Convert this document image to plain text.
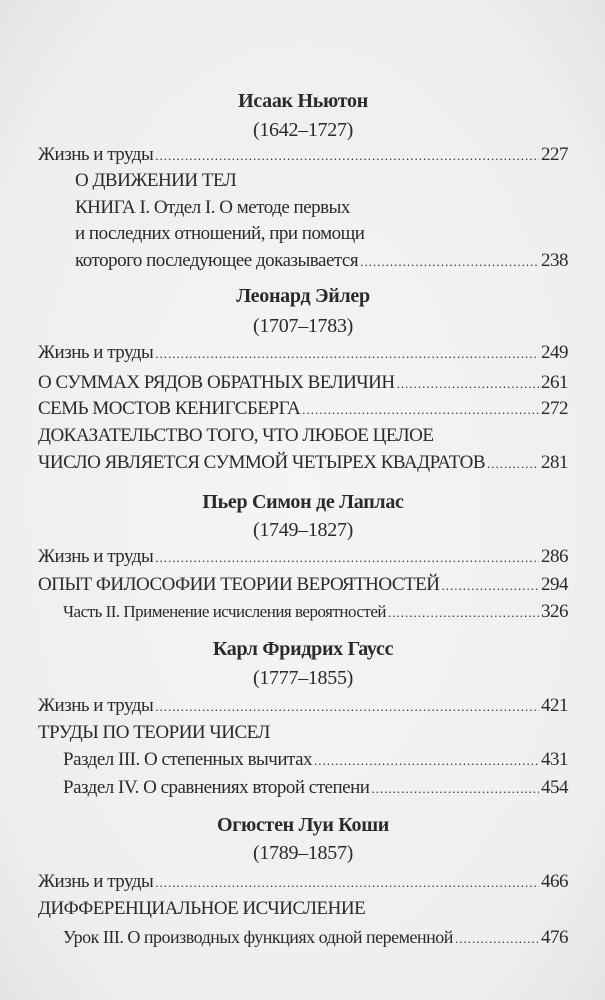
Исаак Ньютон
(1642–1727)
Жизнь и труды .....	227
О ДВИЖЕНИИ ТЕЛ
КНИГА I. Отдел I. О методе первых
и последних отношений, при помощи
которого последующее доказывается .....	238
Леонард Эйлер
(1707–1783)
Жизнь и труды .....	249
О СУММАХ РЯДОВ ОБРАТНЫХ ВЕЛИЧИН .....	261
СЕМЬ МОСТОВ КЕНИГСБЕРГА .....	272
ДОКАЗАТЕЛЬСТВО ТОГО, ЧТО ЛЮБОЕ ЦЕЛОЕ
ЧИСЛО ЯВЛЯЕТСЯ СУММОЙ ЧЕТЫРЕХ КВАДРАТОВ .....	281
Пьер Симон де Лаплас
(1749–1827)
Жизнь и труды .....	286
ОПЫТ ФИЛОСОФИИ ТЕОРИИ ВЕРОЯТНОСТЕЙ .....	294
Часть II. Применение исчисления вероятностей .....	326
Карл Фридрих Гаусс
(1777–1855)
Жизнь и труды .....	421
ТРУДЫ ПО ТЕОРИИ ЧИСЕЛ
Раздел III. О степенных вычитах .....	431
Раздел IV. О сравнениях второй степени .....	454
Огюстен Луи Коши
(1789–1857)
Жизнь и труды .....	466
ДИФФЕРЕНЦИАЛЬНОЕ ИСЧИСЛЕНИЕ
Урок III. О производных функциях одной переменной .....	476
